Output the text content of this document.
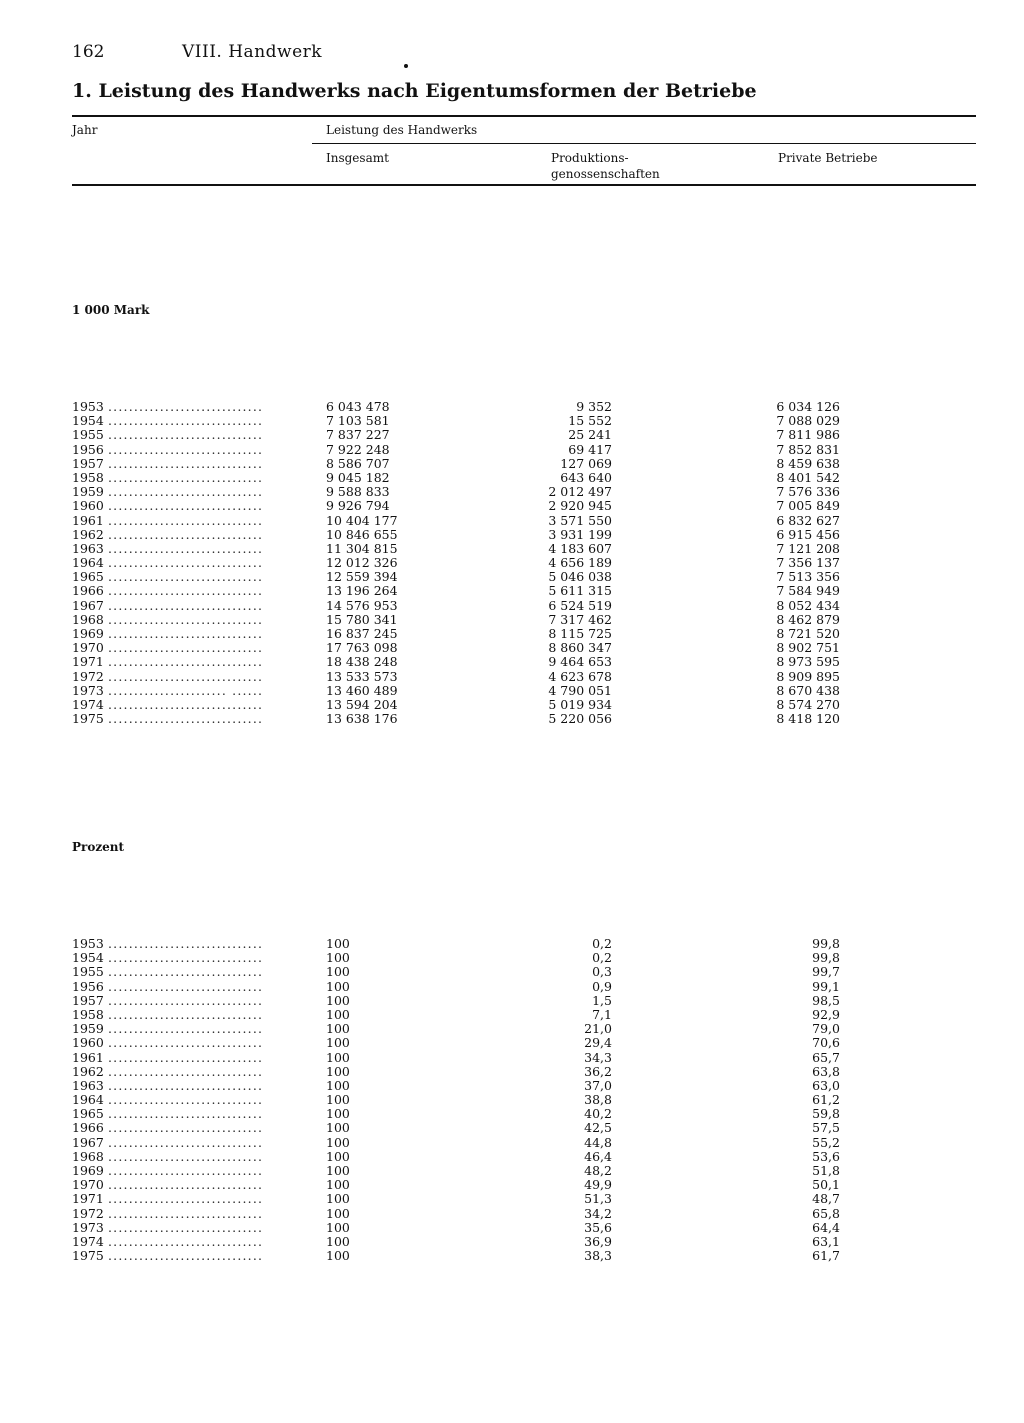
162	VIII. Handwerk
1. Leistung des Handwerks nach Eigentumsformen der Betriebe
Jahr	Leistung des Handwerks
Insgesamt	Produktions-
genossenschaften
Private Betriebe
1 000 Mark
1953 ..............................	6 043 478	9 352	6 034 126
1954 ..............................	7 103 581	15 552	7 088 029
1955 ..............................	7 837 227	25 241	7 811 986
1956 ..............................	7 922 248	69 417	7 852 831
1957 ..............................	8 586 707	127 069	8 459 638
1958 ..............................	9 045 182	643 640	8 401 542
1959 ..............................	9 588 833	2 012 497	7 576 336
1960 ..............................	9 926 794	2 920 945	7 005 849
1961 ..............................	10 404 177	3 571 550	6 832 627
1962 ..............................	10 846 655	3 931 199	6 915 456
1963 ..............................	11 304 815	4 183 607	7 121 208
1964 ..............................	12 012 326	4 656 189	7 356 137
1965 ..............................	12 559 394	5 046 038	7 513 356
1966 ..............................	13 196 264	5 611 315	7 584 949
1967 ..............................	14 576 953	6 524 519	8 052 434
1968 ..............................	15 780 341	7 317 462	8 462 879
1969 ..............................	16 837 245	8 115 725	8 721 520
1970 ..............................	17 763 098	8 860 347	8 902 751
1971 ..............................	18 438 248	9 464 653	8 973 595
1972 ..............................	13 533 573	4 623 678	8 909 895
1973 ....................... ......	13 460 489	4 790 051	8 670 438
1974 ..............................	13 594 204	5 019 934	8 574 270
1975 ..............................	13 638 176	5 220 056	8 418 120
Prozent
1953 ..............................	100	0,2	99,8
1954 ..............................	100	0,2	99,8
1955 ..............................	100	0,3	99,7
1956 ..............................	100	0,9	99,1
1957 ..............................	100	1,5	98,5
1958 ..............................	100	7,1	92,9
1959 ..............................	100	21,0	79,0
1960 ..............................	100	29,4	70,6
1961 ..............................	100	34,3	65,7
1962 ..............................	100	36,2	63,8
1963 ..............................	100	37,0	63,0
1964 ..............................	100	38,8	61,2
1965 ..............................	100	40,2	59,8
1966 ..............................	100	42,5	57,5
1967 ..............................	100	44,8	55,2
1968 ..............................	100	46,4	53,6
1969 ..............................	100	48,2	51,8
1970 ..............................	100	49,9	50,1
1971 ..............................	100	51,3	48,7
1972 ..............................	100	34,2	65,8
1973 ..............................	100	35,6	64,4
1974 ..............................	100	36,9	63,1
1975 ..............................	100	38,3	61,7
